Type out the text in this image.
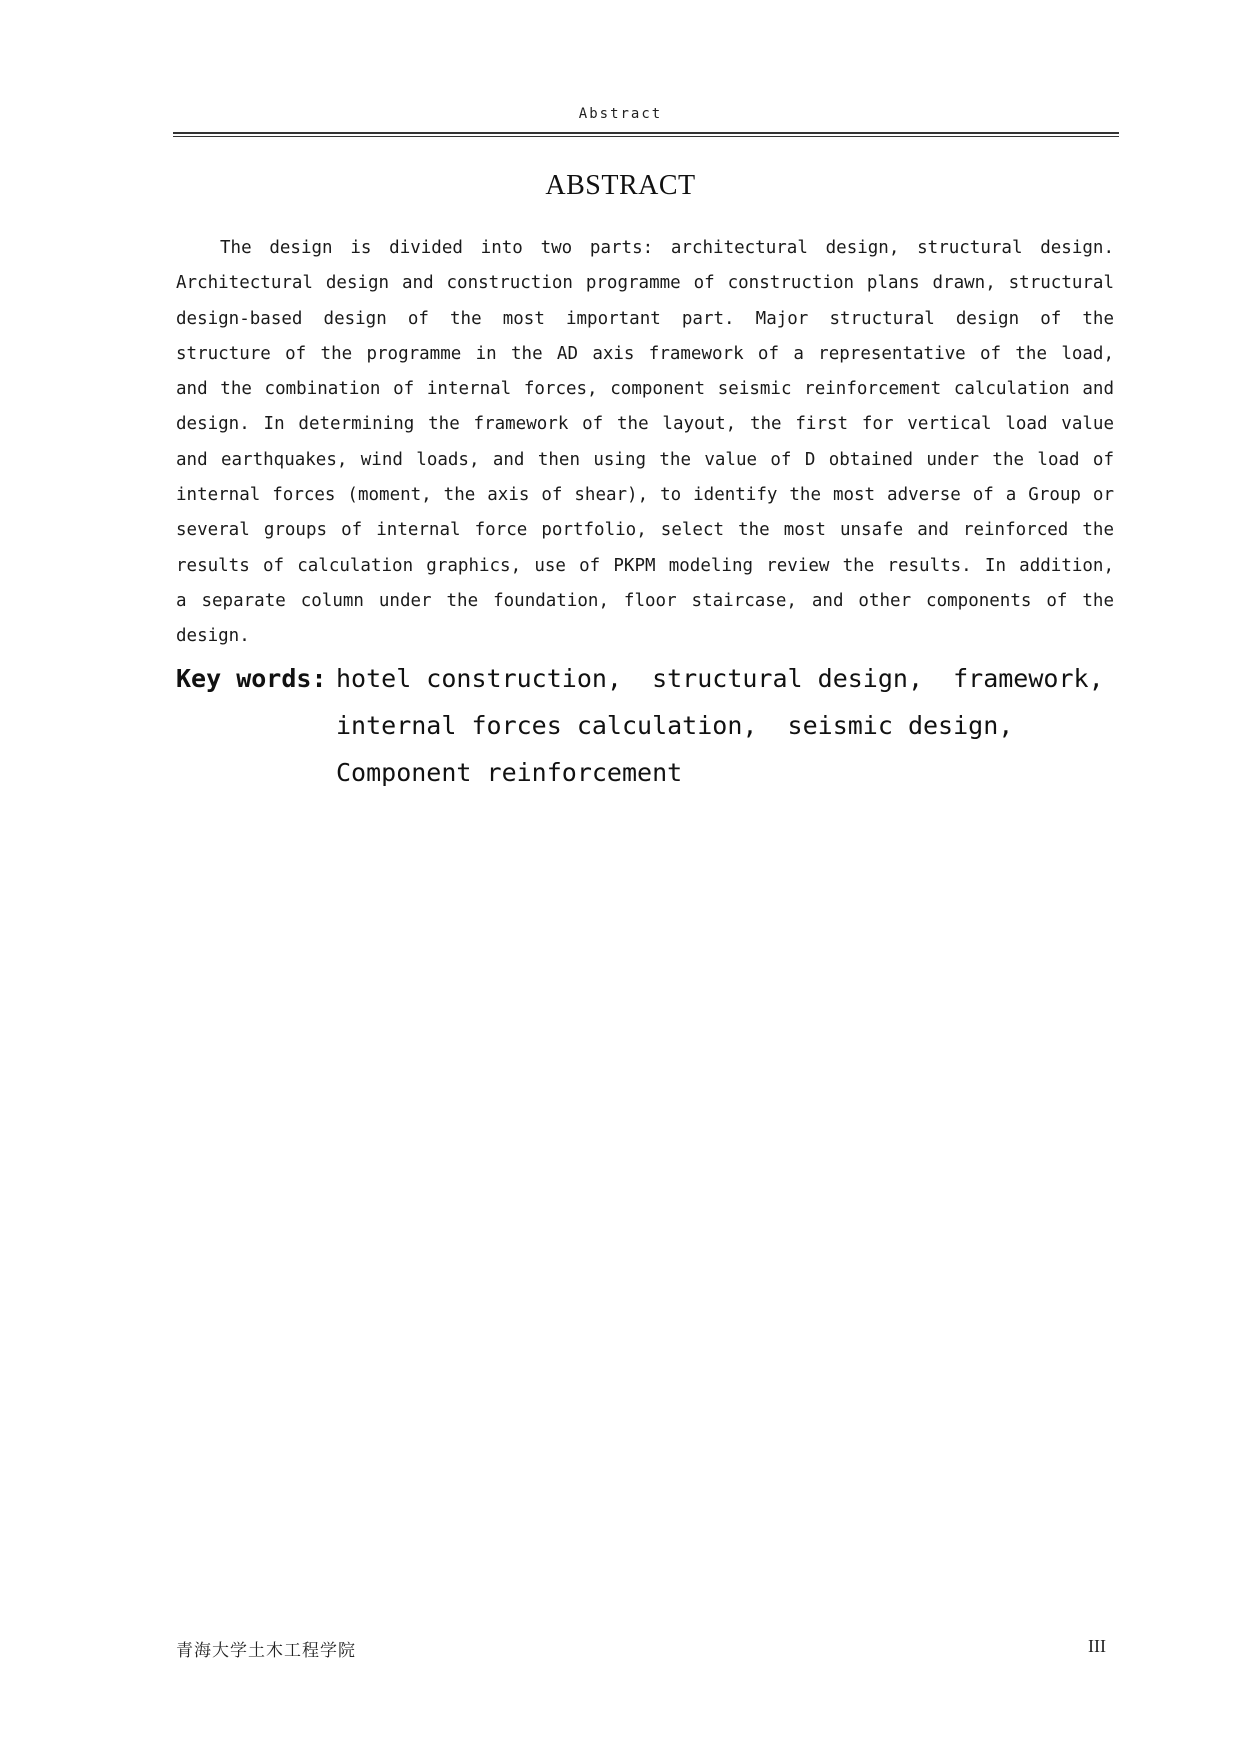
Abstract
ABSTRACT

The design is divided into two parts: architectural design, structural design. Architectural design and construction programme of construction plans drawn, structural design-based design of the most important part. Major structural design of the structure of the programme in the AD axis framework of a representative of the load, and the combination of internal forces, component seismic reinforcement calculation and design. In determining the framework of the layout, the first for vertical load value and earthquakes, wind loads, and then using the value of D obtained under the load of internal forces (moment, the axis of shear), to identify the most adverse of a Group or several groups of internal force portfolio, select the most unsafe and reinforced the results of calculation graphics, use of PKPM modeling review the results. In addition, a separate column under the foundation, floor staircase, and other components of the design.

Key words: hotel construction,  structural design,  framework,
internal forces calculation,  seismic design,
Component reinforcement
青海大学土木工程学院	III
